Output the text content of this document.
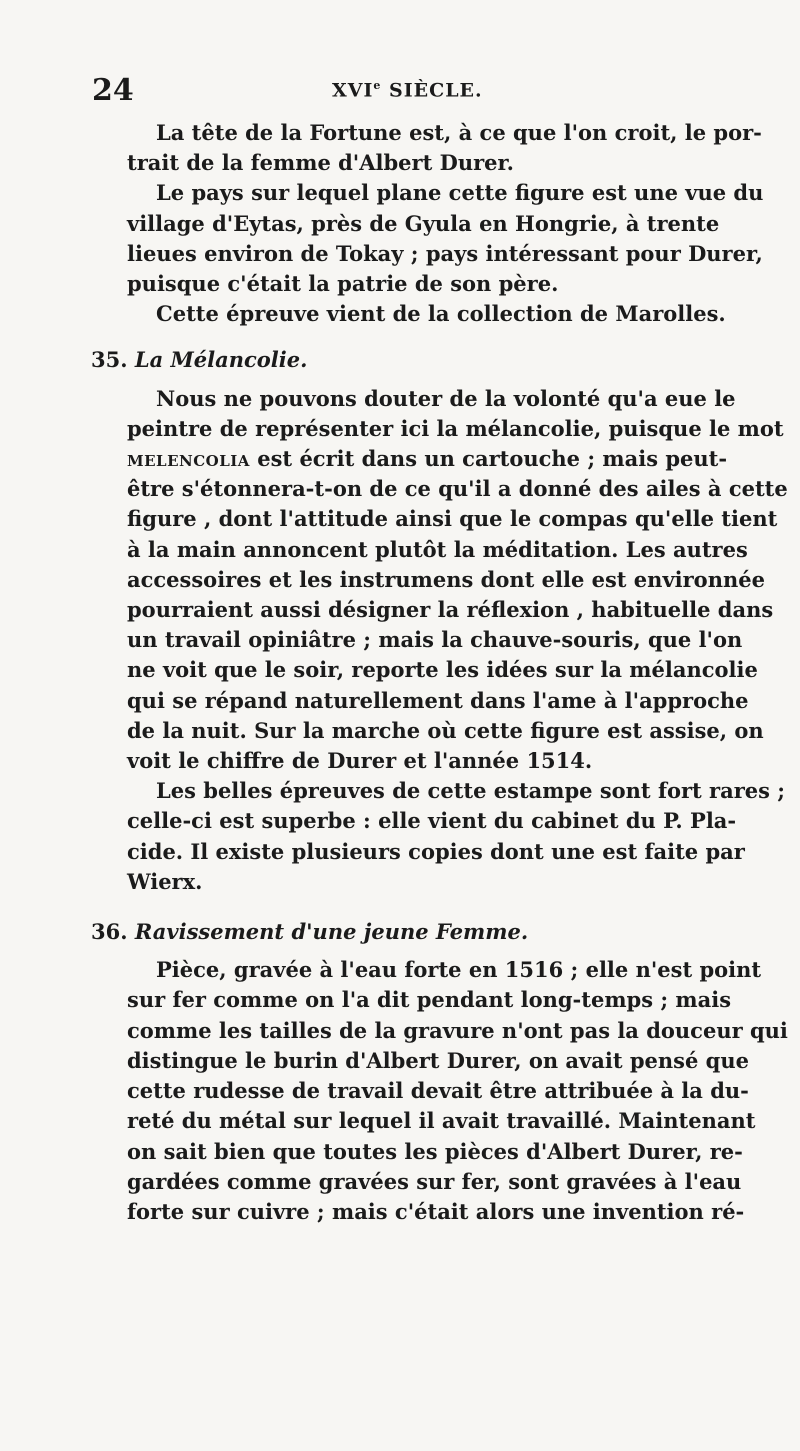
24	XVIe SIÈCLE.
La tête de la Fortune est, à ce que l'on croit, le por-
trait de la femme d'Albert Durer.
Le pays sur lequel plane cette figure est une vue du
village d'Eytas, près de Gyula en Hongrie, à trente
lieues environ de Tokay ; pays intéressant pour Durer,
puisque c'était la patrie de son père.
Cette épreuve vient de la collection de Marolles.
35. La Mélancolie.
Nous ne pouvons douter de la volonté qu'a eue le
peintre de représenter ici la mélancolie, puisque le mot
melencolia est écrit dans un cartouche ; mais peut-
être s'étonnera-t-on de ce qu'il a donné des ailes à cette
figure , dont l'attitude ainsi que le compas qu'elle tient
à la main annoncent plutôt la méditation. Les autres
accessoires et les instrumens dont elle est environnée
pourraient aussi désigner la réflexion , habituelle dans
un travail opiniâtre ; mais la chauve-souris, que l'on
ne voit que le soir, reporte les idées sur la mélancolie
qui se répand naturellement dans l'ame à l'approche
de la nuit. Sur la marche où cette figure est assise, on
voit le chiffre de Durer et l'année 1514.
Les belles épreuves de cette estampe sont fort rares ;
celle-ci est superbe : elle vient du cabinet du P. Pla-
cide. Il existe plusieurs copies dont une est faite par
Wierx.
36. Ravissement d'une jeune Femme.
Pièce, gravée à l'eau forte en 1516 ; elle n'est point
sur fer comme on l'a dit pendant long-temps ; mais
comme les tailles de la gravure n'ont pas la douceur qui
distingue le burin d'Albert Durer, on avait pensé que
cette rudesse de travail devait être attribuée à la du-
reté du métal sur lequel il avait travaillé. Maintenant
on sait bien que toutes les pièces d'Albert Durer, re-
gardées comme gravées sur fer, sont gravées à l'eau
forte sur cuivre ; mais c'était alors une invention ré-
